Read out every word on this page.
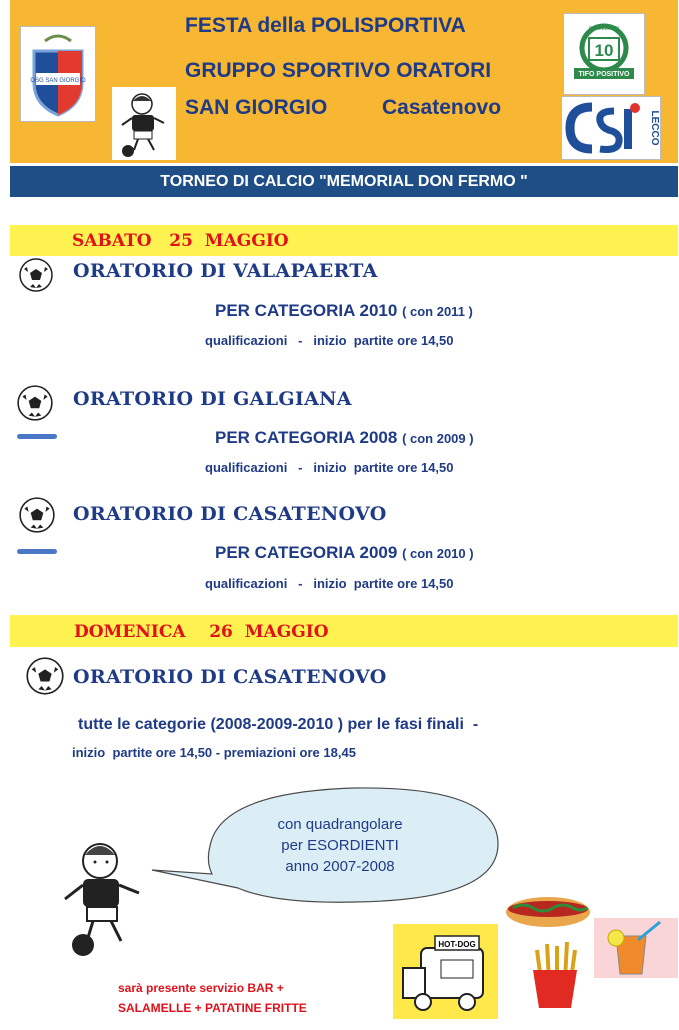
OSG SAN GIORGIO
FESTA della POLISPORTIVA
GRUPPO SPORTIVO ORATORI
SAN GIORGIO	Casatenovo
10
COMMUNITY
TIFO POSITIVO
LECCO
TORNEO DI CALCIO "MEMORIAL DON FERMO "
SABATO   25  MAGGIO
ORATORIO DI VALAPAERTA
PER CATEGORIA 2010 ( con 2011 )
qualificazioni   -   inizio  partite ore 14,50
ORATORIO DI GALGIANA
PER CATEGORIA 2008 ( con 2009 )
qualificazioni   -   inizio  partite ore 14,50
ORATORIO DI CASATENOVO
PER CATEGORIA 2009 ( con 2010 )
qualificazioni   -   inizio  partite ore 14,50
DOMENICA    26  MAGGIO
ORATORIO DI CASATENOVO
tutte le categorie (2008-2009-2010 ) per le fasi finali  -
inizio  partite ore 14,50 - premiazioni ore 18,45
con quadrangolare
per ESORDIENTI
anno 2007-2008
HOT-DOG
sarà presente servizio BAR +
SALAMELLE + PATATINE FRITTE
